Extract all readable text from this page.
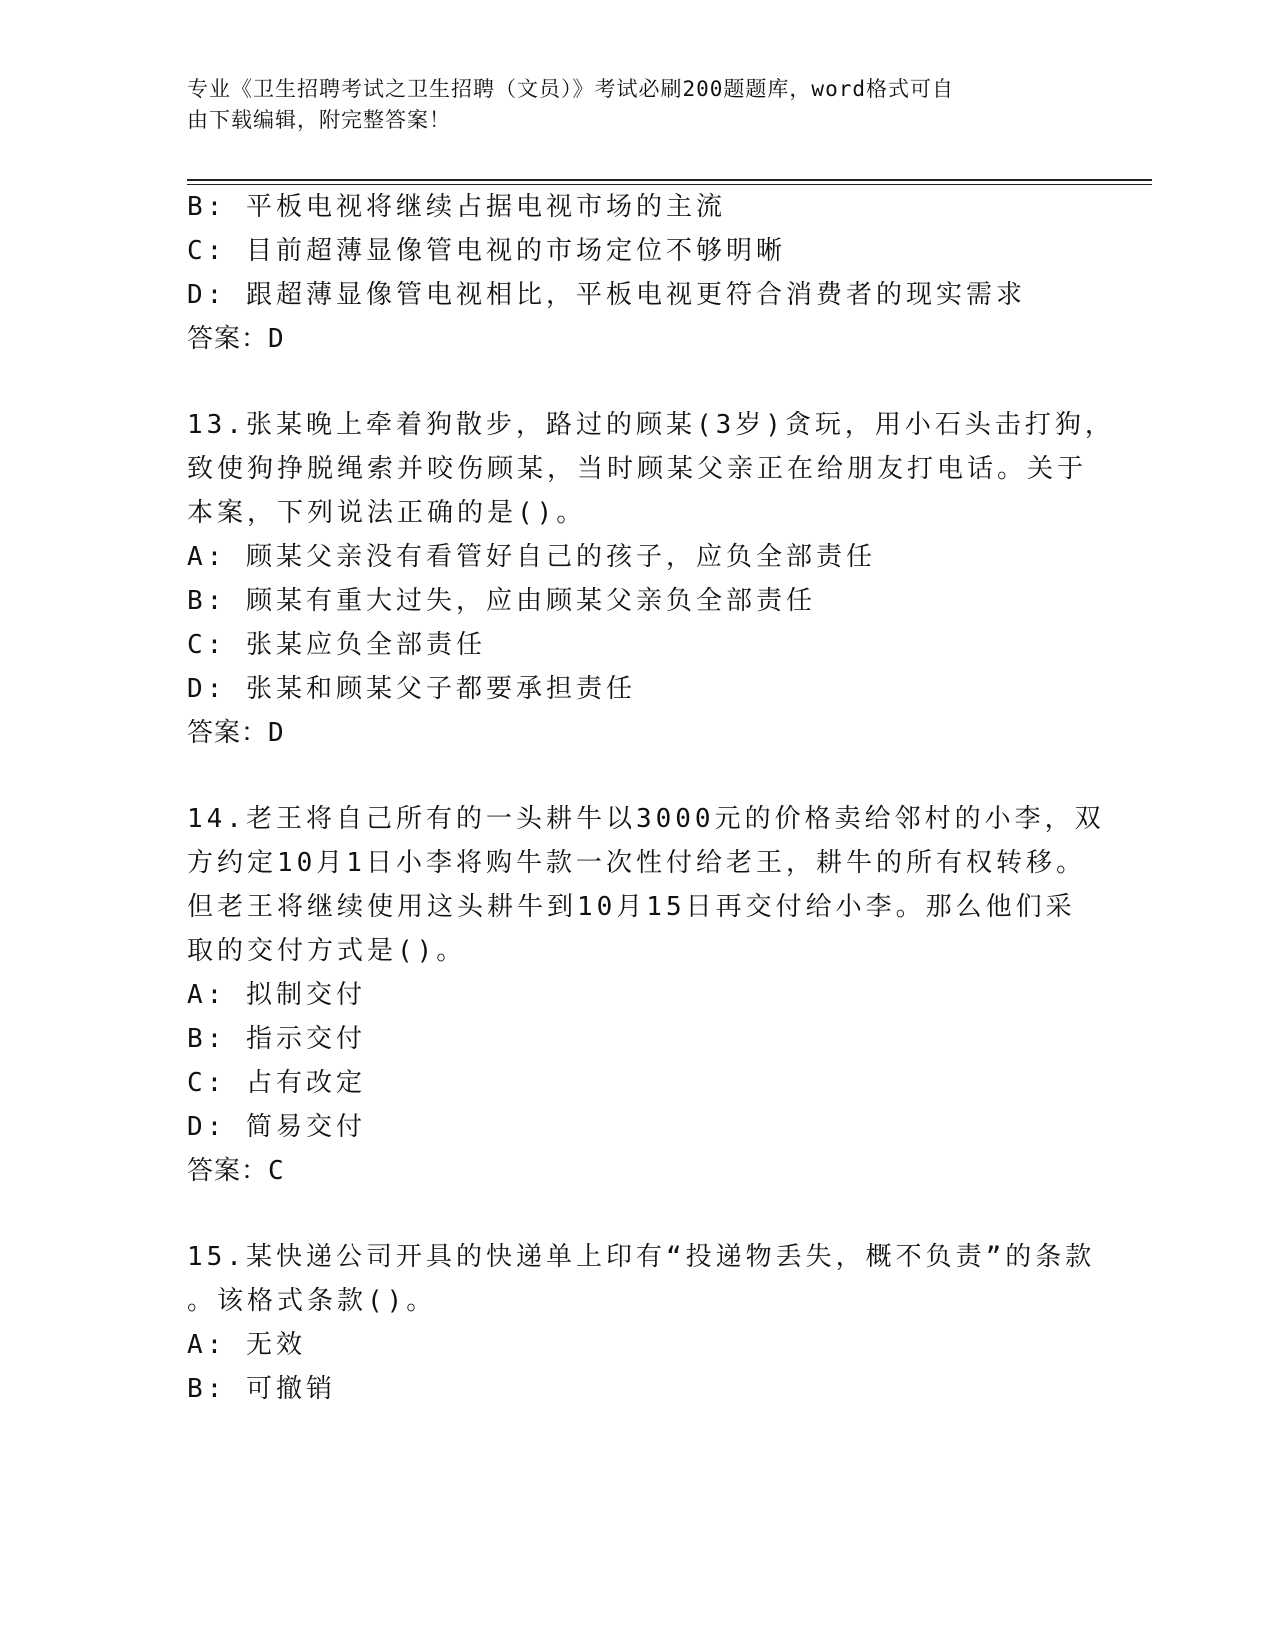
专业《卫生招聘考试之卫生招聘（文员）》考试必刷200题题库，word格式可自
由下载编辑，附完整答案！
B: 平板电视将继续占据电视市场的主流
C: 目前超薄显像管电视的市场定位不够明晰
D: 跟超薄显像管电视相比，平板电视更符合消费者的现实需求
答案：D
13.张某晚上牵着狗散步，路过的顾某(3岁)贪玩，用小石头击打狗，
致使狗挣脱绳索并咬伤顾某，当时顾某父亲正在给朋友打电话。关于
本案，下列说法正确的是()。
A: 顾某父亲没有看管好自己的孩子，应负全部责任
B: 顾某有重大过失，应由顾某父亲负全部责任
C: 张某应负全部责任
D: 张某和顾某父子都要承担责任
答案：D
14.老王将自己所有的一头耕牛以3000元的价格卖给邻村的小李，双
方约定10月1日小李将购牛款一次性付给老王，耕牛的所有权转移。
但老王将继续使用这头耕牛到10月15日再交付给小李。那么他们采
取的交付方式是()。
A: 拟制交付
B: 指示交付
C: 占有改定
D: 简易交付
答案：C
15.某快递公司开具的快递单上印有“投递物丢失，概不负责”的条款
。该格式条款()。
A: 无效
B: 可撤销
